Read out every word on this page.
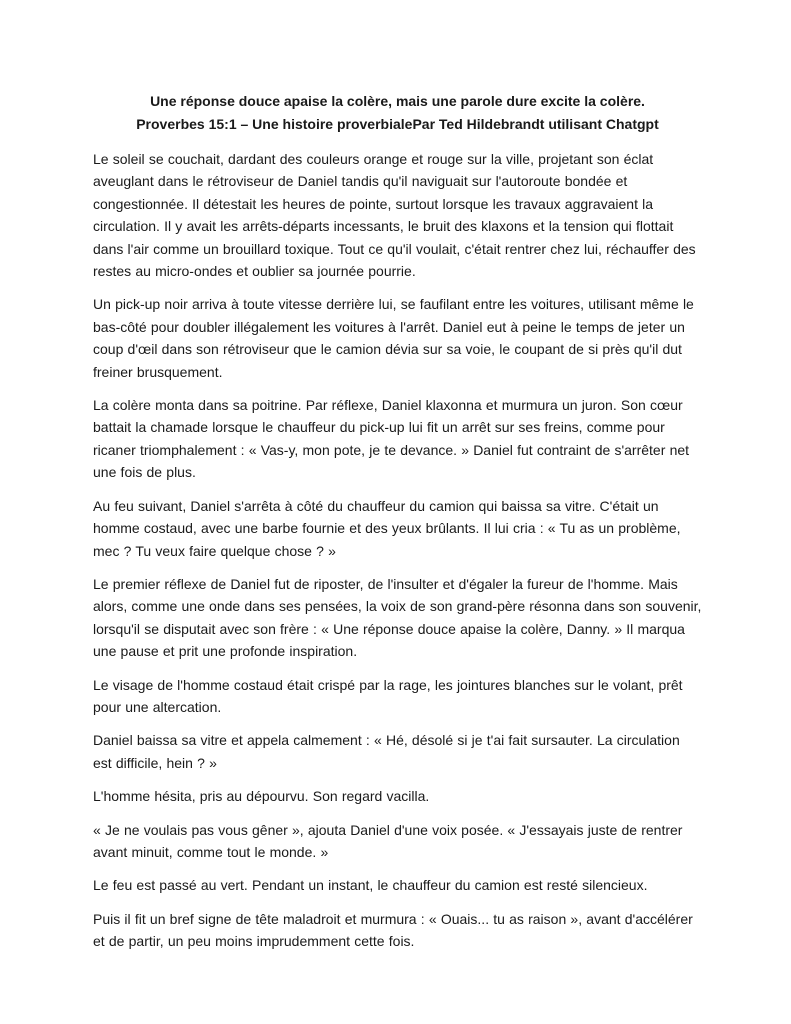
Une réponse douce apaise la colère, mais une parole dure excite la colère.
Proverbes 15:1 – Une histoire proverbialePar Ted Hildebrandt utilisant Chatgpt

Le soleil se couchait, dardant des couleurs orange et rouge sur la ville, projetant son éclat aveuglant dans le rétroviseur de Daniel tandis qu'il naviguait sur l'autoroute bondée et congestionnée. Il détestait les heures de pointe, surtout lorsque les travaux aggravaient la circulation. Il y avait les arrêts-départs incessants, le bruit des klaxons et la tension qui flottait dans l'air comme un brouillard toxique. Tout ce qu'il voulait, c'était rentrer chez lui, réchauffer des restes au micro-ondes et oublier sa journée pourrie.

Un pick-up noir arriva à toute vitesse derrière lui, se faufilant entre les voitures, utilisant même le bas-côté pour doubler illégalement les voitures à l'arrêt. Daniel eut à peine le temps de jeter un coup d'œil dans son rétroviseur que le camion dévia sur sa voie, le coupant de si près qu'il dut freiner brusquement.

La colère monta dans sa poitrine. Par réflexe, Daniel klaxonna et murmura un juron. Son cœur battait la chamade lorsque le chauffeur du pick-up lui fit un arrêt sur ses freins, comme pour ricaner triomphalement : « Vas-y, mon pote, je te devance. » Daniel fut contraint de s'arrêter net une fois de plus.

Au feu suivant, Daniel s'arrêta à côté du chauffeur du camion qui baissa sa vitre. C'était un homme costaud, avec une barbe fournie et des yeux brûlants. Il lui cria : « Tu as un problème, mec ? Tu veux faire quelque chose ? »

Le premier réflexe de Daniel fut de riposter, de l'insulter et d'égaler la fureur de l'homme. Mais alors, comme une onde dans ses pensées, la voix de son grand-père résonna dans son souvenir, lorsqu'il se disputait avec son frère : « Une réponse douce apaise la colère, Danny. » Il marqua une pause et prit une profonde inspiration.

Le visage de l'homme costaud était crispé par la rage, les jointures blanches sur le volant, prêt pour une altercation.

Daniel baissa sa vitre et appela calmement : « Hé, désolé si je t'ai fait sursauter. La circulation est difficile, hein ? »

L'homme hésita, pris au dépourvu. Son regard vacilla.

« Je ne voulais pas vous gêner », ajouta Daniel d'une voix posée. « J'essayais juste de rentrer avant minuit, comme tout le monde. »

Le feu est passé au vert. Pendant un instant, le chauffeur du camion est resté silencieux.

Puis il fit un bref signe de tête maladroit et murmura : « Ouais... tu as raison », avant d'accélérer et de partir, un peu moins imprudemment cette fois.
